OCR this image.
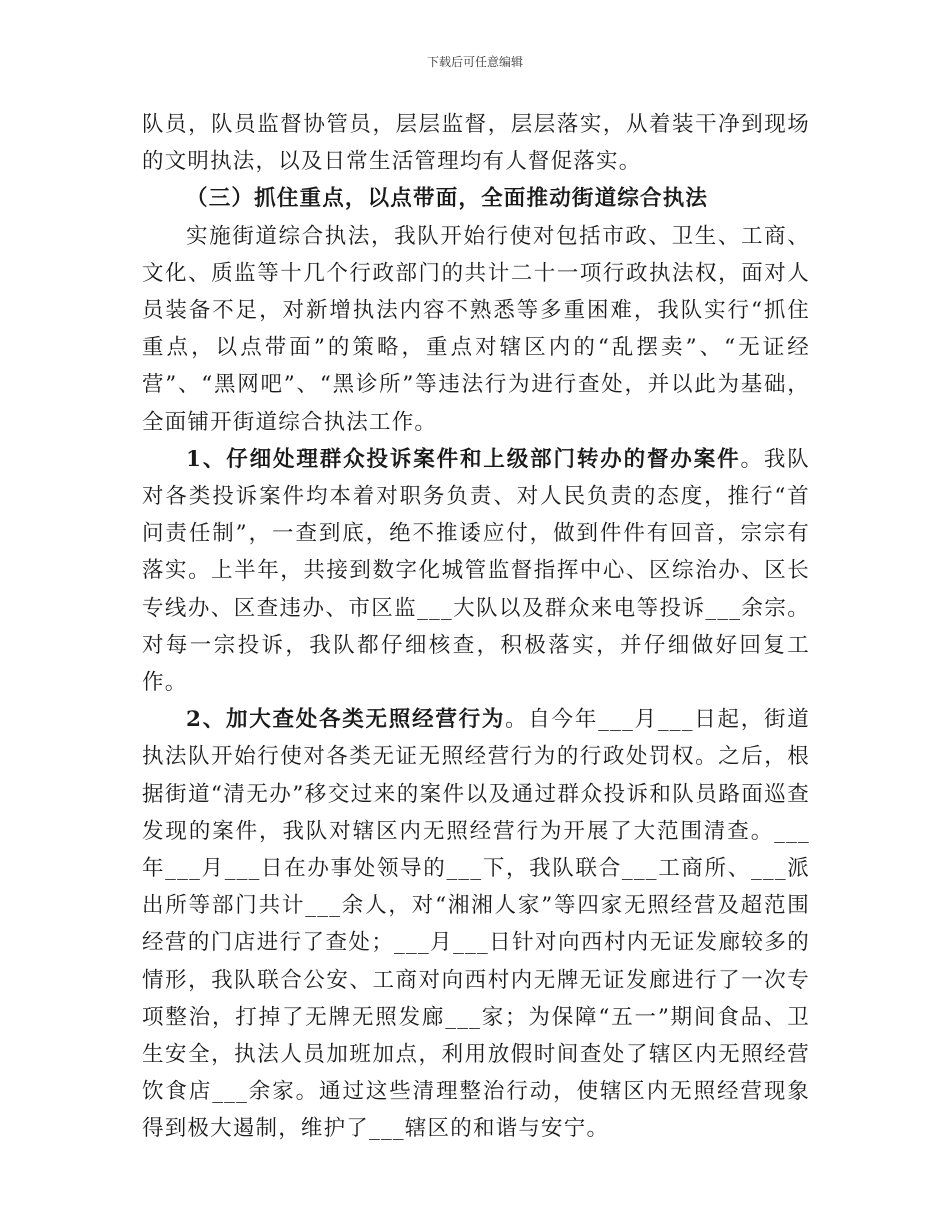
下载后可任意编辑

队员，队员监督协管员，层层监督，层层落实，从着装干净到现场的文明执法，以及日常生活管理均有人督促落实。

（三）抓住重点，以点带面，全面推动街道综合执法

实施街道综合执法，我队开始行使对包括市政、卫生、工商、文化、质监等十几个行政部门的共计二十一项行政执法权，面对人员装备不足，对新增执法内容不熟悉等多重困难，我队实行“抓住重点，以点带面”的策略，重点对辖区内的“乱摆卖”、“无证经营”、“黑网吧”、“黑诊所”等违法行为进行查处，并以此为基础，全面铺开街道综合执法工作。

1、仔细处理群众投诉案件和上级部门转办的督办案件。我队对各类投诉案件均本着对职务负责、对人民负责的态度，推行“首问责任制”，一查到底，绝不推诿应付，做到件件有回音，宗宗有落实。上半年，共接到数字化城管监督指挥中心、区综治办、区长专线办、区查违办、市区监___大队以及群众来电等投诉___余宗。对每一宗投诉，我队都仔细核查，积极落实，并仔细做好回复工作。

2、加大查处各类无照经营行为。自今年___月___日起，街道执法队开始行使对各类无证无照经营行为的行政处罚权。之后，根据街道“清无办”移交过来的案件以及通过群众投诉和队员路面巡查发现的案件，我队对辖区内无照经营行为开展了大范围清查。___年___月___日在办事处领导的___下，我队联合___工商所、___派出所等部门共计___余人，对“湘湘人家”等四家无照经营及超范围经营的门店进行了查处；___月___日针对向西村内无证发廊较多的情形，我队联合公安、工商对向西村内无牌无证发廊进行了一次专项整治，打掉了无牌无照发廊___家；为保障“五一”期间食品、卫生安全，执法人员加班加点，利用放假时间查处了辖区内无照经营饮食店___余家。通过这些清理整治行动，使辖区内无照经营现象得到极大遏制，维护了___辖区的和谐与安宁。
